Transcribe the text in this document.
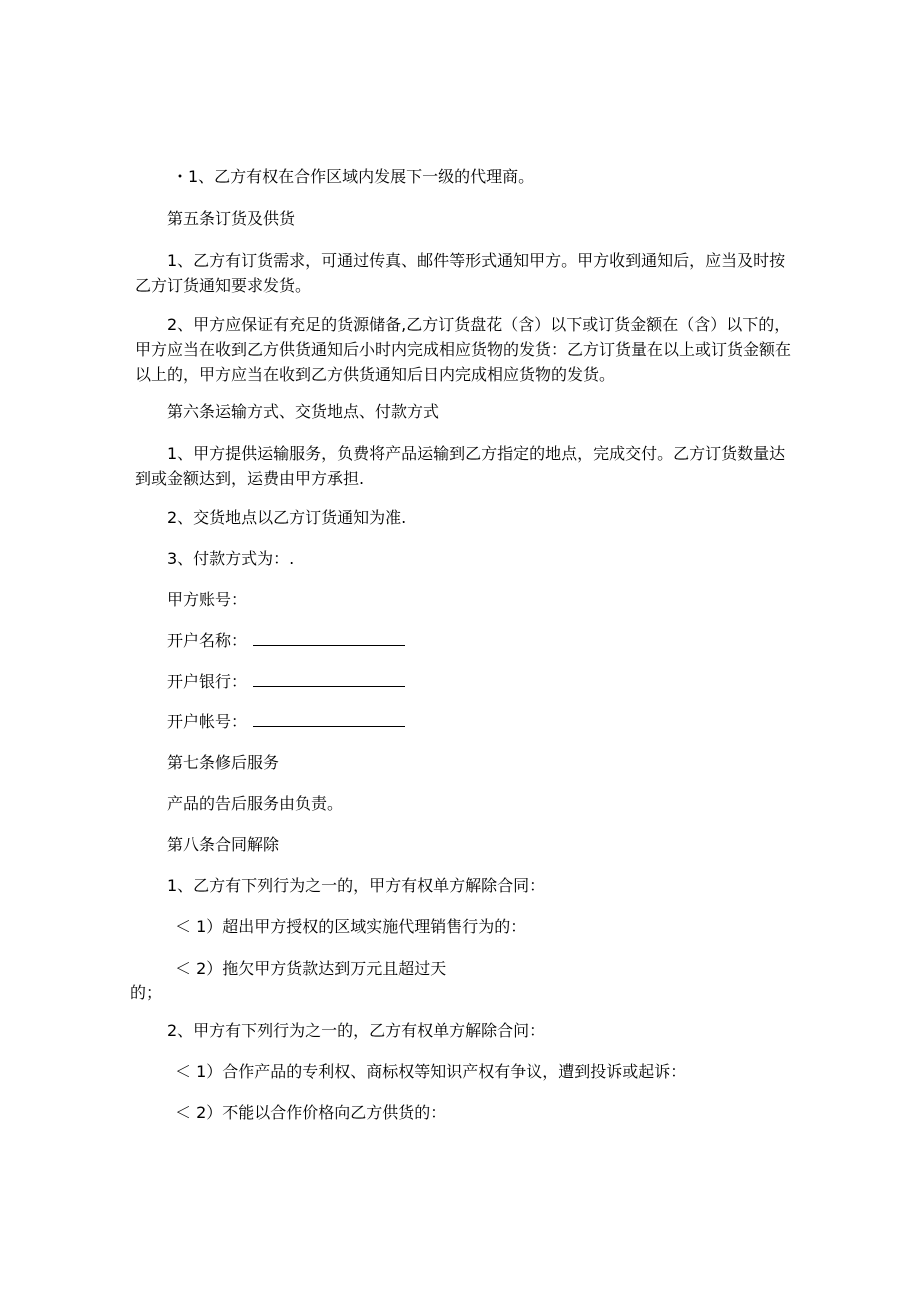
・1、乙方有权在合作区域内发展下一级的代理商。

第五条订货及供货

1、乙方有订货需求，可通过传真、邮件等形式通知甲方。甲方收到通知后，应当及时按乙方订货通知要求发货。

2、甲方应保证有充足的货源储备,乙方订货盘花（含）以下或订货金额在（含）以下的，甲方应当在收到乙方供货通知后小时内完成相应货物的发货：乙方订货量在以上或订货金额在以上的，甲方应当在收到乙方供货通知后日内完成相应货物的发货。

第六条运输方式、交货地点、付款方式

1、甲方提供运输服务，负费将产品运输到乙方指定的地点，完成交付。乙方订货数量达到或金额达到，运费由甲方承担.

2、交货地点以乙方订货通知为准.

3、付款方式为：.

甲方账号：

开户名称：

开户银行：

开户帐号：

第七条修后服务

产品的告后服务由负责。

第八条合同解除

1、乙方有下列行为之一的，甲方有权单方解除合同：

＜ 1）超出甲方授权的区域实施代理销售行为的：

＜ 2）拖欠甲方货款达到万元且超过天

的；

2、甲方有下列行为之一的，乙方有权单方解除合问：

＜ 1）合作产品的专利权、商标权等知识产权有争议，遭到投诉或起诉：

＜ 2）不能以合作价格向乙方供货的：
